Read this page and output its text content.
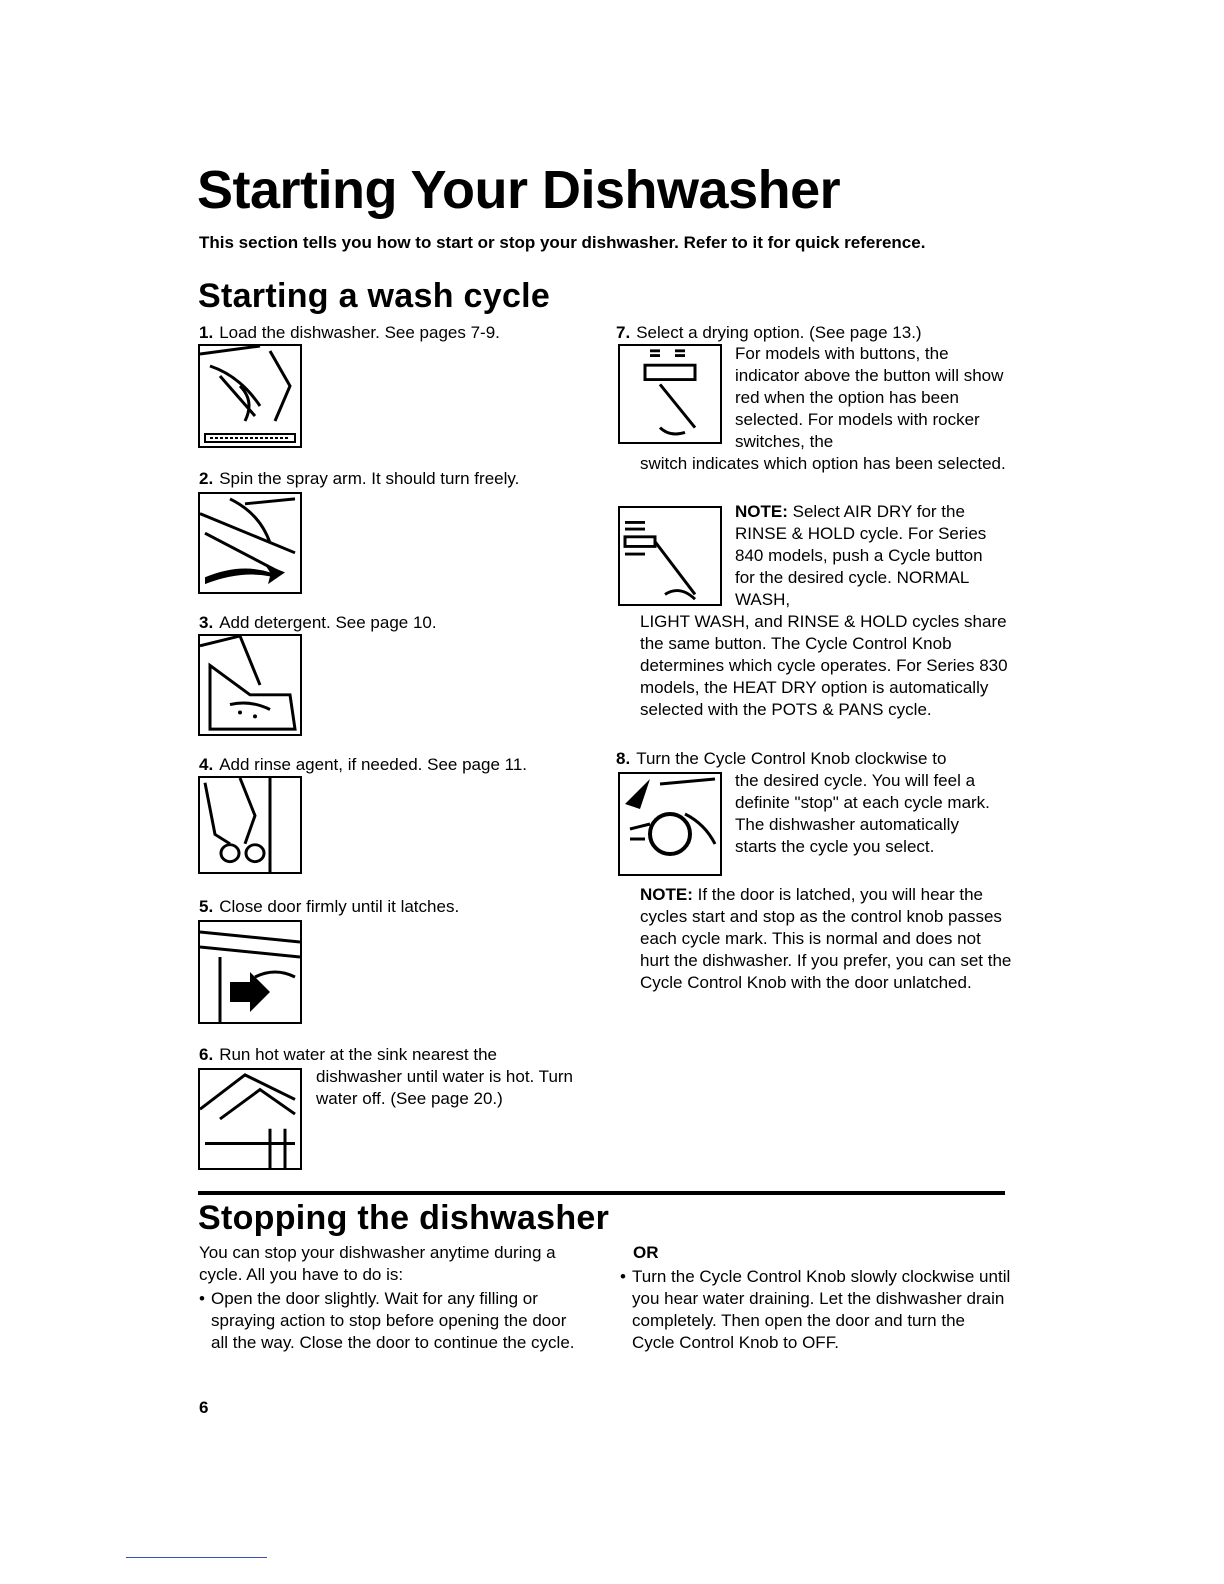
Starting Your Dishwasher
This section tells you how to start or stop your dishwasher. Refer to it for quick reference.
Starting a wash cycle
1. Load the dishwasher. See pages 7-9.
2. Spin the spray arm. It should turn freely.
3. Add detergent. See page 10.
4. Add rinse agent, if needed. See page 11.
5. Close door firmly until it latches.
6. Run hot water at the sink nearest the
dishwasher until water is hot. Turn water off. (See page 20.)
7. Select a drying option. (See page 13.)
For models with buttons, the indicator above the button will show red when the option has been selected. For models with rocker switches, the
switch indicates which option has been selected.
NOTE: Select AIR DRY for the RINSE & HOLD cycle. For Series 840 models, push a Cycle button for the desired cycle. NORMAL WASH,
LIGHT WASH, and RINSE & HOLD cycles share the same button. The Cycle Control Knob determines which cycle operates. For Series 830 models, the HEAT DRY option is automatically selected with the POTS & PANS cycle.
8. Turn the Cycle Control Knob clockwise to
the desired cycle. You will feel a definite "stop" at each cycle mark. The dishwasher automatically starts the cycle you select.
NOTE: If the door is latched, you will hear the cycles start and stop as the control knob passes each cycle mark. This is normal and does not hurt the dishwasher. If you prefer, you can set the Cycle Control Knob with the door unlatched.
Stopping the dishwasher
You can stop your dishwasher anytime during a cycle. All you have to do is:
• Open the door slightly. Wait for any filling or spraying action to stop before opening the door all the way. Close the door to continue the cycle.
OR
• Turn the Cycle Control Knob slowly clockwise until you hear water draining. Let the dishwasher drain completely. Then open the door and turn the Cycle Control Knob to OFF.
6
